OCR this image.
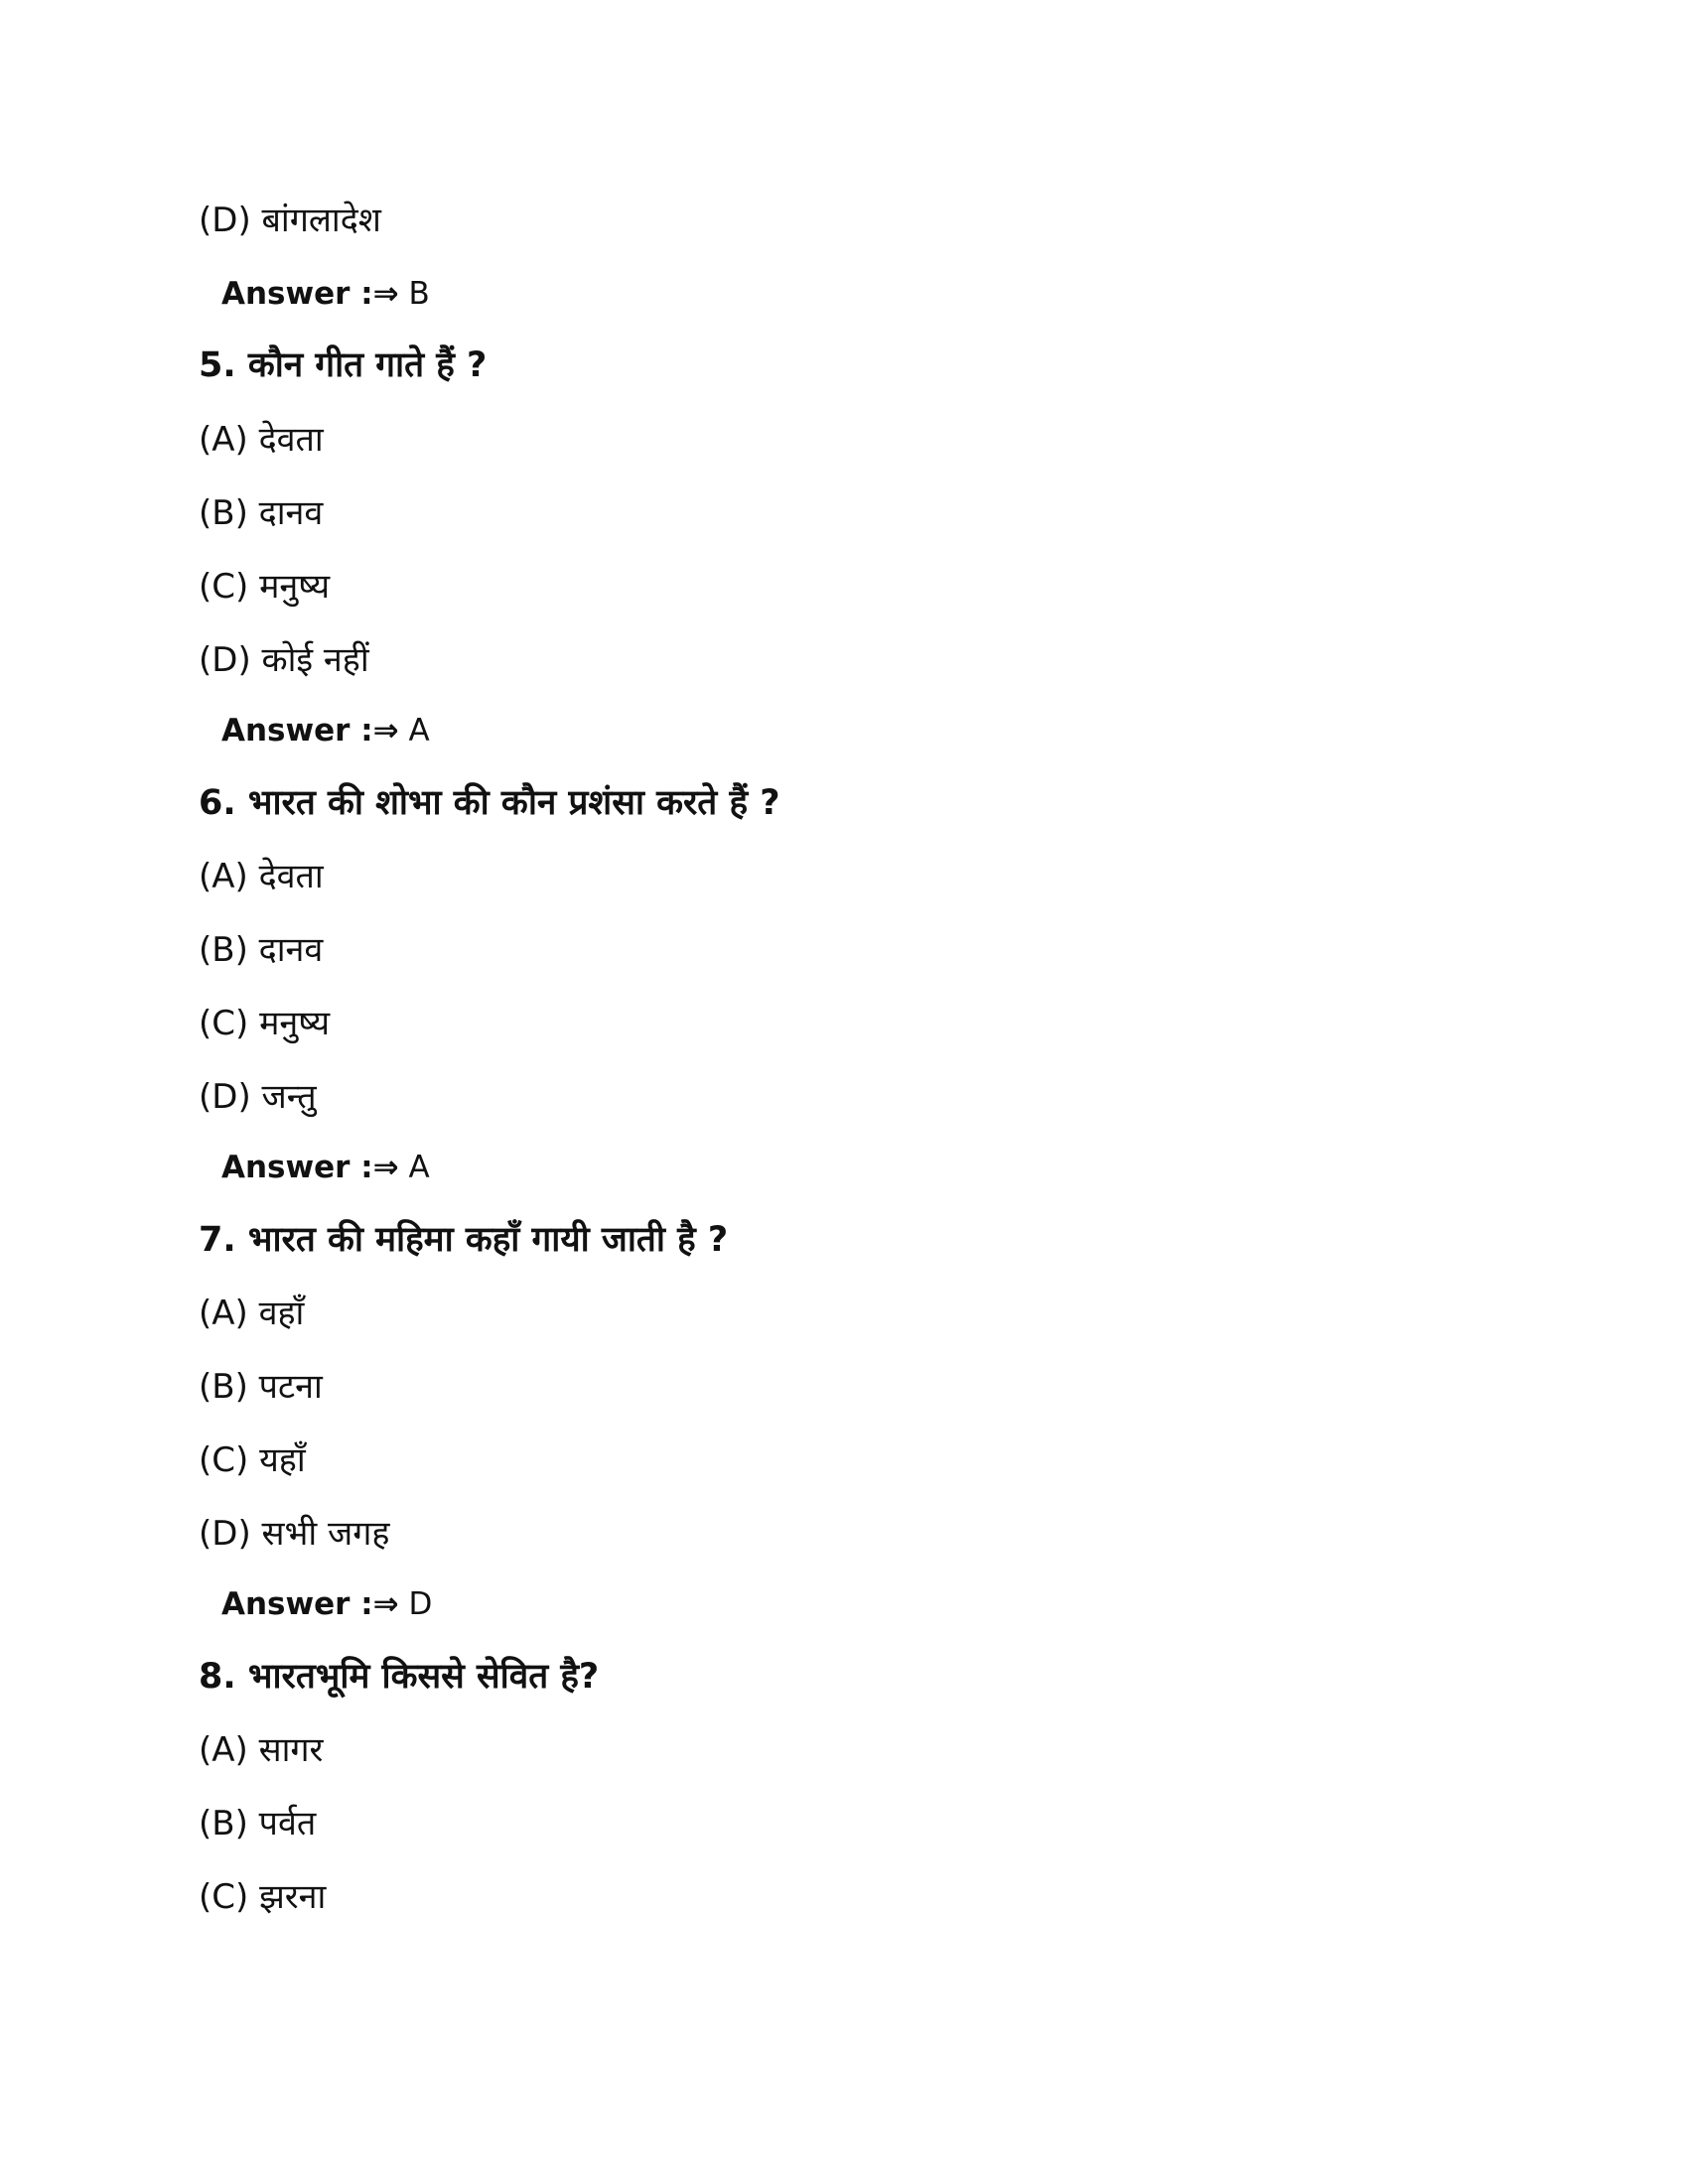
(D) बांगलादेश
Answer :⇒ B
5. कौन गीत गाते हैं ?
(A) देवता
(B) दानव
(C) मनुष्य
(D) कोई नहीं
Answer :⇒ A
6. भारत की शोभा की कौन प्रशंसा करते हैं ?
(A) देवता
(B) दानव
(C) मनुष्य
(D) जन्तु
Answer :⇒ A
7. भारत की महिमा कहाँ गायी जाती है ?
(A) वहाँ
(B) पटना
(C) यहाँ
(D) सभी जगह
Answer :⇒ D
8. भारतभूमि किससे सेवित है?
(A) सागर
(B) पर्वत
(C) झरना
